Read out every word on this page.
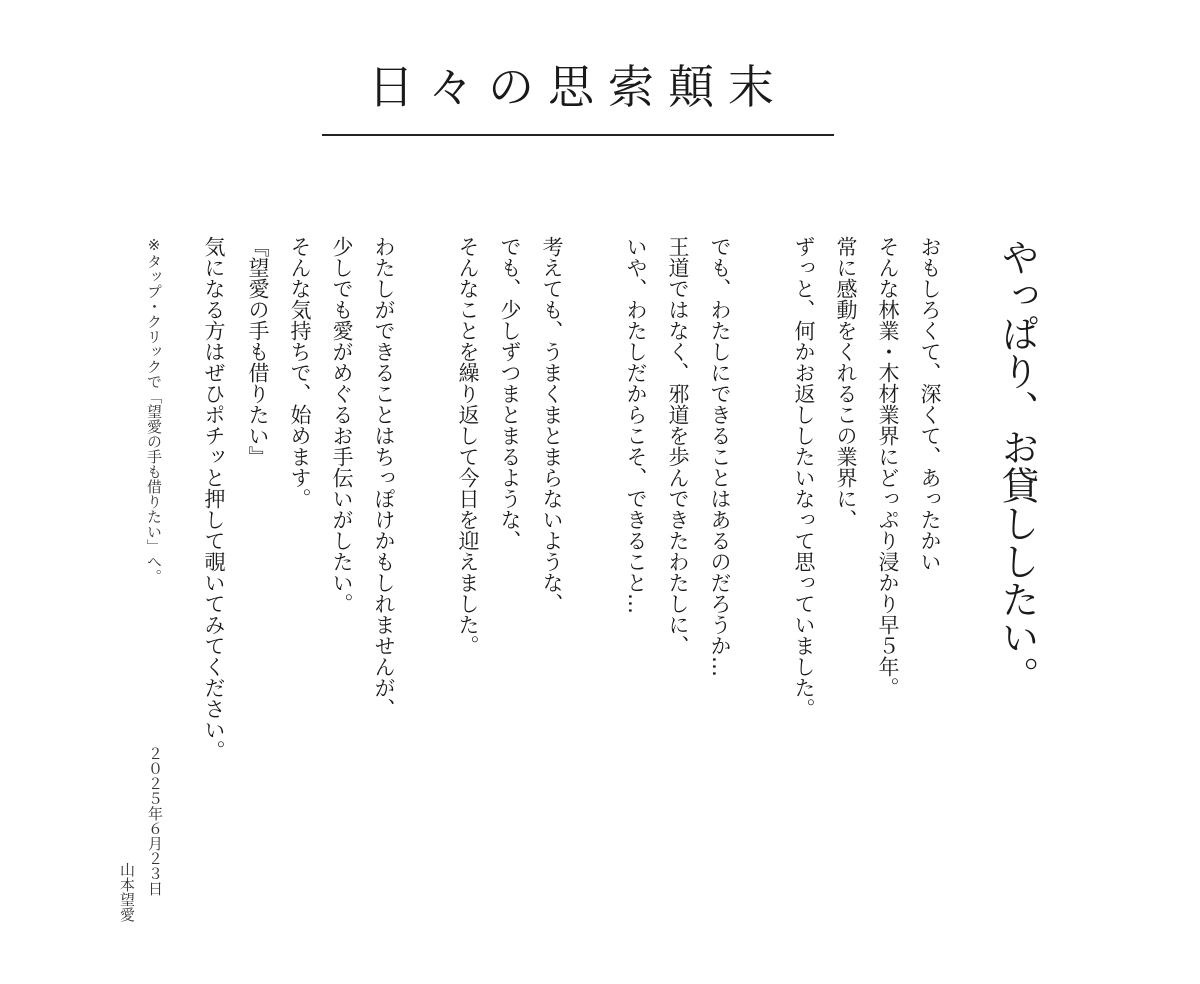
日々の思索顛末
やっぱり、お貸ししたい。
おもしろくて、深くて、あったかい
そんな林業・木材業界にどっぷり浸かり早５年。
常に感動をくれるこの業界に、
ずっと、何かお返ししたいなって思っていました。
でも、わたしにできることはあるのだろうか…
王道ではなく、邪道を歩んできたわたしに、
いや、わたしだからこそ、できること…
考えても、うまくまとまらないような、
でも、少しずつまとまるような、
そんなことを繰り返して今日を迎えました。
わたしができることはちっぽけかもしれませんが、
少しでも愛がめぐるお手伝いがしたい。
そんな気持ちで、始めます。
『望愛の手も借りたい』
気になる方はぜひポチッと押して覗いてみてください。
※タップ・クリックで「望愛の手も借りたい」へ。
２０２５年６月２３日
山本望愛
